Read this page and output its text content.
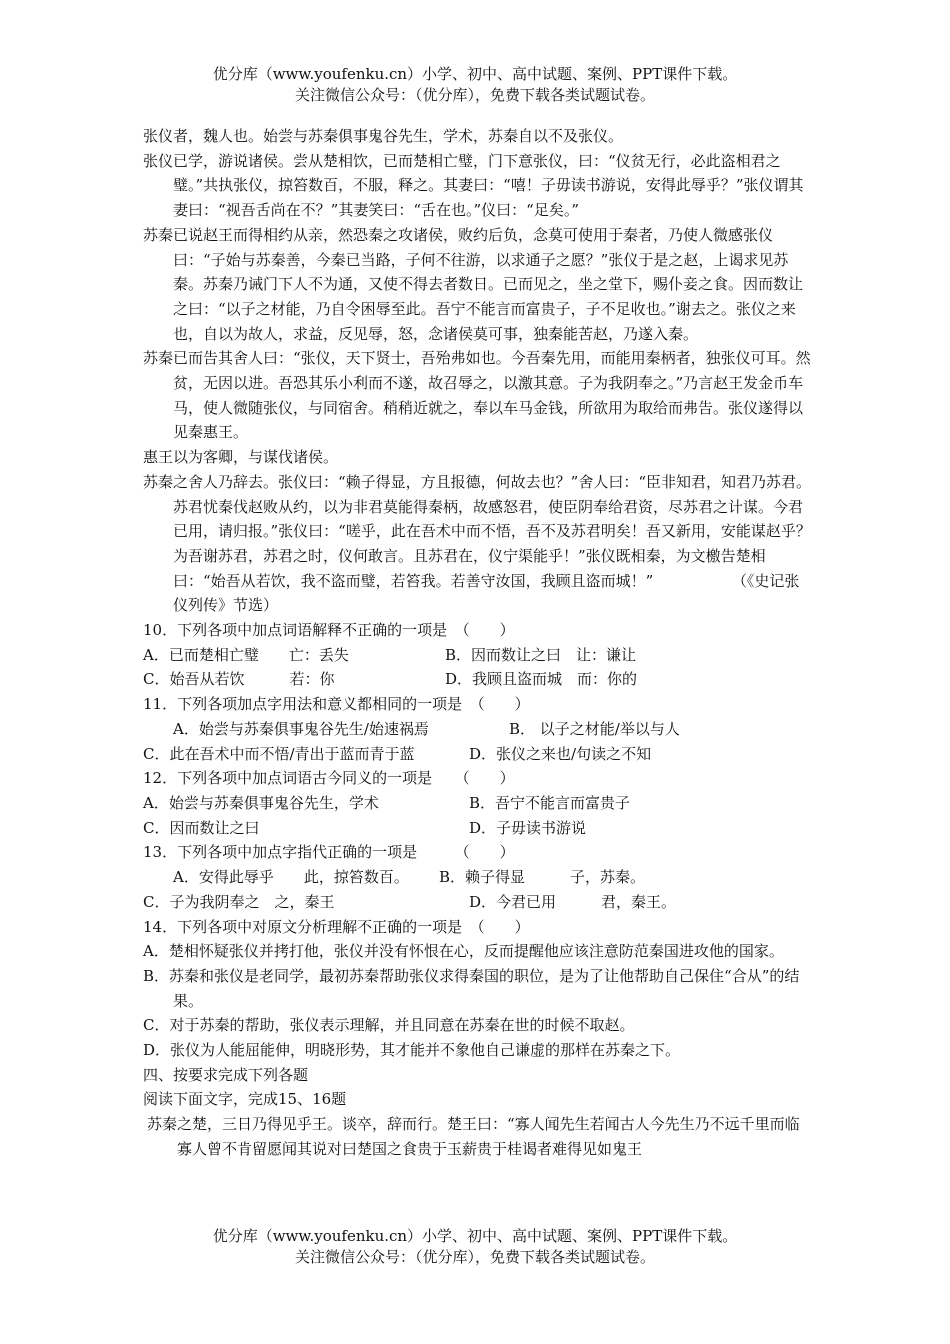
优分库（www.youfenku.cn）小学、初中、高中试题、案例、PPT课件下载。
关注微信公众号：（优分库），免费下载各类试题试卷。

张仪者，魏人也。始尝与苏秦俱事鬼谷先生，学术，苏秦自以不及张仪。

张仪已学，游说诸侯。尝从楚相饮，已而楚相亡璧，门下意张仪，曰：“仪贫无行，必此盗相君之璧。”共执张仪，掠笞数百，不服，释之。其妻曰：“嘻！子毋读书游说，安得此辱乎？”张仪谓其妻曰：“视吾舌尚在不？”其妻笑曰：“舌在也。”仪曰：“足矣。”

苏秦已说赵王而得相约从亲，然恐秦之攻诸侯，败约后负，念莫可使用于秦者，乃使人微感张仪曰：“子始与苏秦善，今秦已当路，子何不往游，以求通子之愿？”张仪于是之赵，上谒求见苏秦。苏秦乃诫门下人不为通，又使不得去者数日。已而见之，坐之堂下，赐仆妾之食。因而数让之曰：“以子之材能，乃自令困辱至此。吾宁不能言而富贵子，子不足收也。”谢去之。张仪之来也，自以为故人，求益，反见辱，怒，念诸侯莫可事，独秦能苦赵，乃遂入秦。

苏秦已而告其舍人曰：“张仪，天下贤士，吾殆弗如也。今吾秦先用，而能用秦柄者，独张仪可耳。然贫，无因以进。吾恐其乐小利而不遂，故召辱之，以激其意。子为我阴奉之。”乃言赵王发金币车马，使人微随张仪，与同宿舍。稍稍近就之，奉以车马金钱，所欲用为取给而弗告。张仪遂得以见秦惠王。

惠王以为客卿，与谋伐诸侯。

苏秦之舍人乃辞去。张仪曰：“赖子得显，方且报德，何故去也？”舍人曰：“臣非知君，知君乃苏君。苏君忧秦伐赵败从约，以为非君莫能得秦柄，故感怒君，使臣阴奉给君资，尽苏君之计谋。今君已用，请归报。”张仪曰：“嗟乎，此在吾术中而不悟，吾不及苏君明矣！吾又新用，安能谋赵乎？为吾谢苏君，苏君之时，仪何敢言。且苏君在，仪宁渠能乎！”张仪既相秦，为文檄告楚相曰：“始吾从若饮，我不盗而璧，若笞我。若善守汝国，我顾且盗而城！”	（《史记张仪列传》节选）

10．下列各项中加点词语解释不正确的一项是　（　　）

A．已而楚相亡璧　　亡：丢失	B．因而数让之曰　让：谦让
C．始吾从若饮　　　若：你	D．我顾且盗而城　而：你的

11．下列各项加点字用法和意义都相同的一项是　（　　）

A．始尝与苏秦俱事鬼谷先生/始速祸焉	B． 以子之材能/举以与人
C．此在吾术中而不悟/青出于蓝而青于蓝	D．张仪之来也/句读之不知

12．下列各项中加点词语古今同义的一项是　　（　　）

A．始尝与苏秦俱事鬼谷先生，学术	B．吾宁不能言而富贵子
C．因而数让之曰	D．子毋读书游说

13．下列各项中加点字指代正确的一项是　　　（　　）

A．安得此辱乎　　此，掠笞数百。	B．赖子得显　　　子，苏秦。
C．子为我阴奉之　之，秦王	D．今君已用　　　君，秦王。

14．下列各项中对原文分析理解不正确的一项是　（　　）

A．楚相怀疑张仪并拷打他，张仪并没有怀恨在心，反而提醒他应该注意防范秦国进攻他的国家。

B．苏秦和张仪是老同学，最初苏秦帮助张仪求得秦国的职位，是为了让他帮助自己保住“合从”的结果。

C．对于苏秦的帮助，张仪表示理解，并且同意在苏秦在世的时候不取赵。

D．张仪为人能屈能伸，明晓形势，其才能并不象他自己谦虚的那样在苏秦之下。

四、按要求完成下列各题

阅读下面文字，完成15、16题

苏秦之楚，三日乃得见乎王。谈卒，辞而行。楚王曰：“寡人闻先生若闻古人今先生乃不远千里而临寡人曾不肯留愿闻其说对曰楚国之食贵于玉薪贵于桂谒者难得见如鬼王

优分库（www.youfenku.cn）小学、初中、高中试题、案例、PPT课件下载。
关注微信公众号：（优分库），免费下载各类试题试卷。
